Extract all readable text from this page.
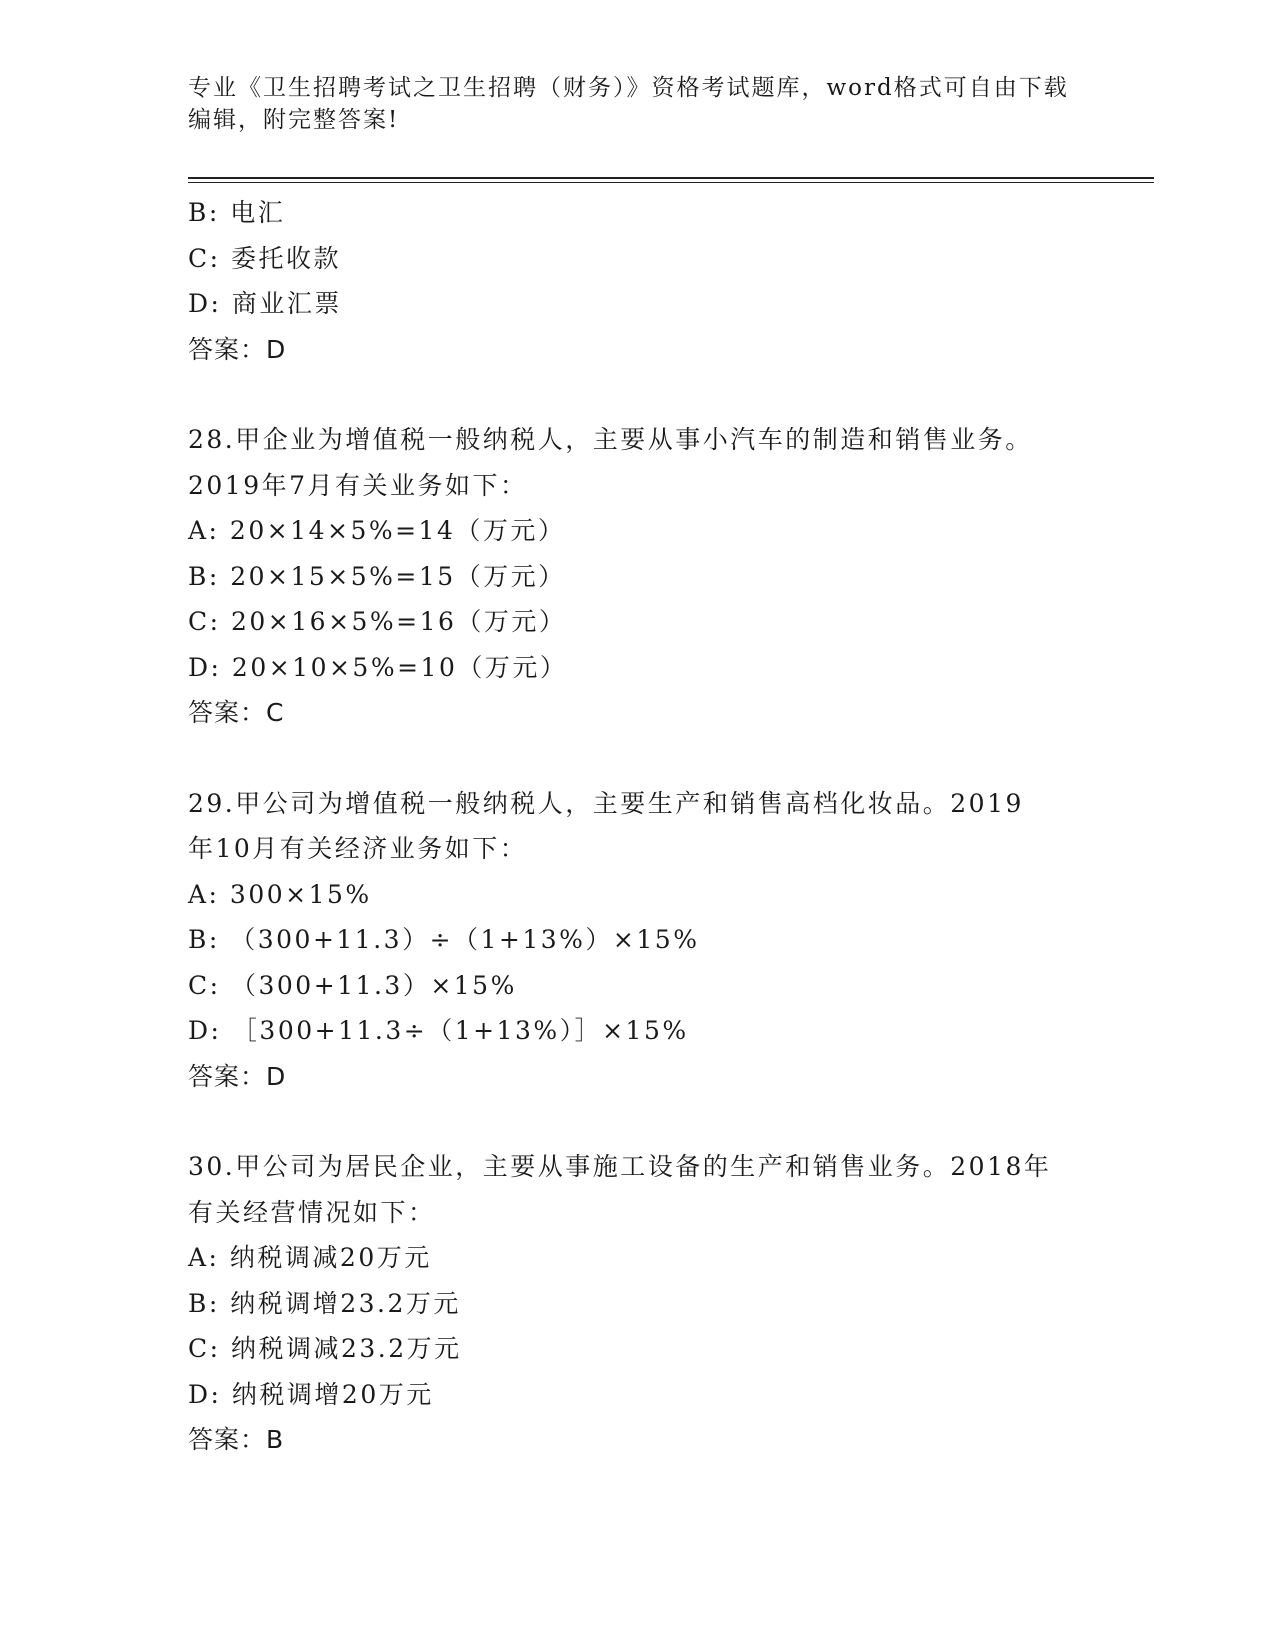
专业《卫生招聘考试之卫生招聘（财务）》资格考试题库，word格式可自由下载
编辑，附完整答案!
B: 电汇
C: 委托收款
D: 商业汇票
答案：D
28.甲企业为增值税一般纳税人，主要从事小汽车的制造和销售业务。
2019年7月有关业务如下：
A: 20×14×5%=14（万元）
B: 20×15×5%=15（万元）
C: 20×16×5%=16（万元）
D: 20×10×5%=10（万元）
答案：C
29.甲公司为增值税一般纳税人，主要生产和销售高档化妆品。2019
年10月有关经济业务如下：
A: 300×15%
B: （300+11.3）÷（1+13%）×15%
C: （300+11.3）×15%
D: ［300+11.3÷（1+13%）］×15%
答案：D
30.甲公司为居民企业，主要从事施工设备的生产和销售业务。2018年
有关经营情况如下：
A: 纳税调减20万元
B: 纳税调增23.2万元
C: 纳税调减23.2万元
D: 纳税调增20万元
答案：B
